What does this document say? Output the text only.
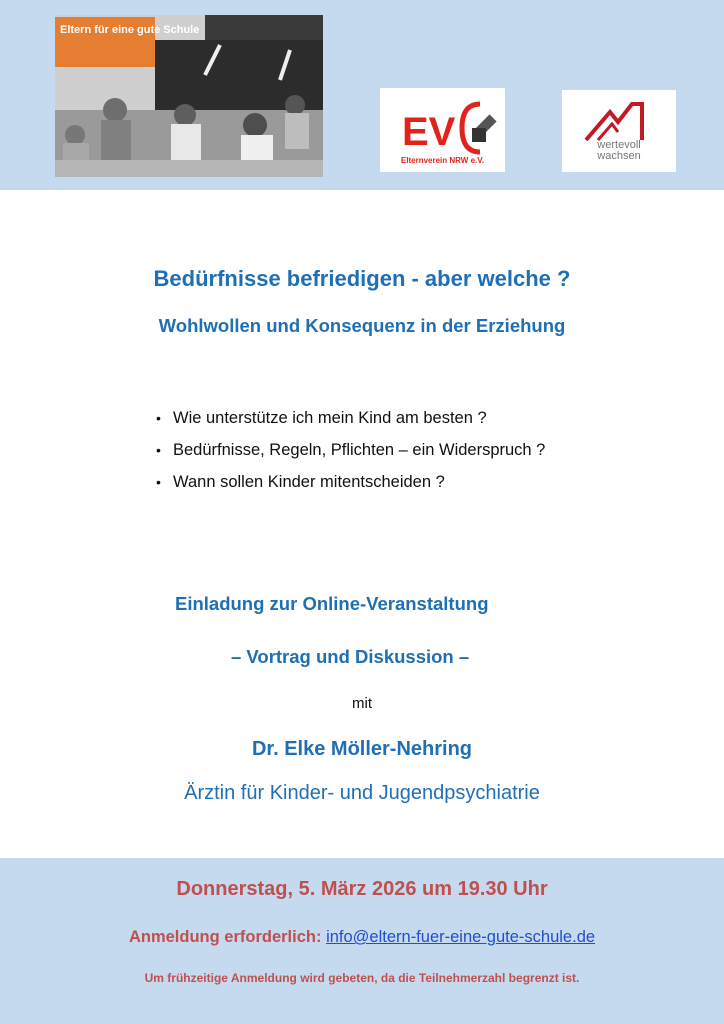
Eltern für eine gute Schule
EV
Elternverein NRW e.V.
wertevoll
wachsen
Bedürfnisse befriedigen - aber welche ?
Wohlwollen und Konsequenz in der Erziehung
• Wie unterstütze ich mein Kind am besten ?
• Bedürfnisse, Regeln, Pflichten – ein Widerspruch ?
• Wann sollen Kinder mitentscheiden ?
Einladung zur Online-Veranstaltung
– Vortrag und Diskussion –
mit
Dr. Elke Möller-Nehring
Ärztin für Kinder- und Jugendpsychiatrie
Donnerstag, 5. März 2026 um 19.30 Uhr
Anmeldung erforderlich: info@eltern-fuer-eine-gute-schule.de
Um frühzeitige Anmeldung wird gebeten, da die Teilnehmerzahl begrenzt ist.
